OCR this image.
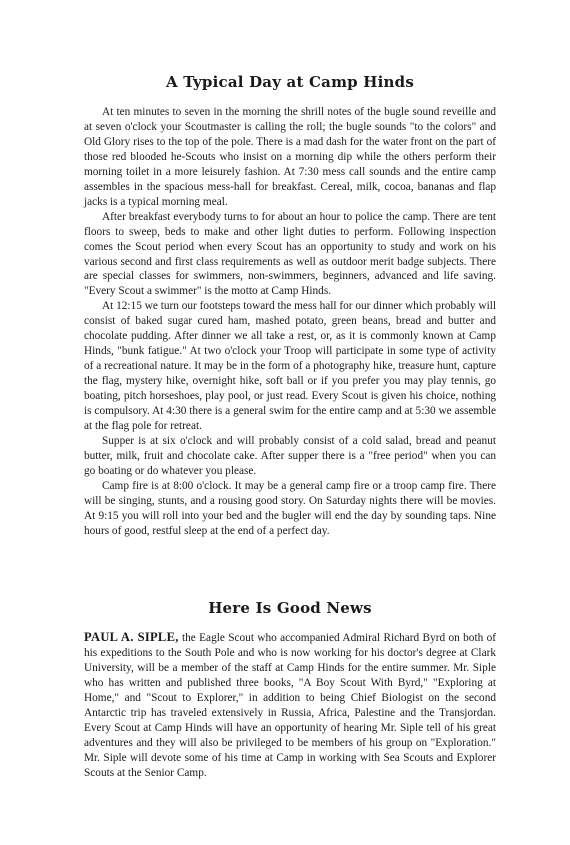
A Typical Day at Camp Hinds

At ten minutes to seven in the morning the shrill notes of the bugle sound reveille and at seven o'clock your Scoutmaster is calling the roll; the bugle sounds "to the colors" and Old Glory rises to the top of the pole. There is a mad dash for the water front on the part of those red blooded he-Scouts who insist on a morning dip while the others perform their morning toilet in a more leisurely fashion. At 7:30 mess call sounds and the entire camp assembles in the spacious mess-hall for breakfast. Cereal, milk, cocoa, bananas and flap jacks is a typical morning meal.

After breakfast everybody turns to for about an hour to police the camp. There are tent floors to sweep, beds to make and other light duties to perform. Following inspection comes the Scout period when every Scout has an opportunity to study and work on his various second and first class requirements as well as outdoor merit badge subjects. There are special classes for swimmers, non-swimmers, beginners, advanced and life saving. "Every Scout a swimmer" is the motto at Camp Hinds.

At 12:15 we turn our footsteps toward the mess hall for our dinner which probably will consist of baked sugar cured ham, mashed potato, green beans, bread and butter and chocolate pudding. After dinner we all take a rest, or, as it is commonly known at Camp Hinds, "bunk fatigue." At two o'clock your Troop will participate in some type of activity of a recreational nature. It may be in the form of a photography hike, treasure hunt, capture the flag, mystery hike, overnight hike, soft ball or if you prefer you may play tennis, go boating, pitch horseshoes, play pool, or just read. Every Scout is given his choice, nothing is compulsory. At 4:30 there is a general swim for the entire camp and at 5:30 we assemble at the flag pole for retreat.

Supper is at six o'clock and will probably consist of a cold salad, bread and peanut butter, milk, fruit and chocolate cake. After supper there is a "free period" when you can go boating or do whatever you please.

Camp fire is at 8:00 o'clock. It may be a general camp fire or a troop camp fire. There will be singing, stunts, and a rousing good story. On Saturday nights there will be movies. At 9:15 you will roll into your bed and the bugler will end the day by sounding taps. Nine hours of good, restful sleep at the end of a perfect day.

Here Is Good News

PAUL A. SIPLE, the Eagle Scout who accompanied Admiral Richard Byrd on both of his expeditions to the South Pole and who is now working for his doctor's degree at Clark University, will be a member of the staff at Camp Hinds for the entire summer. Mr. Siple who has written and published three books, "A Boy Scout With Byrd," "Exploring at Home," and "Scout to Explorer," in addition to being Chief Biologist on the second Antarctic trip has traveled extensively in Russia, Africa, Palestine and the Transjordan. Every Scout at Camp Hinds will have an opportunity of hearing Mr. Siple tell of his great adventures and they will also be privileged to be members of his group on "Exploration." Mr. Siple will devote some of his time at Camp in working with Sea Scouts and Explorer Scouts at the Senior Camp.
